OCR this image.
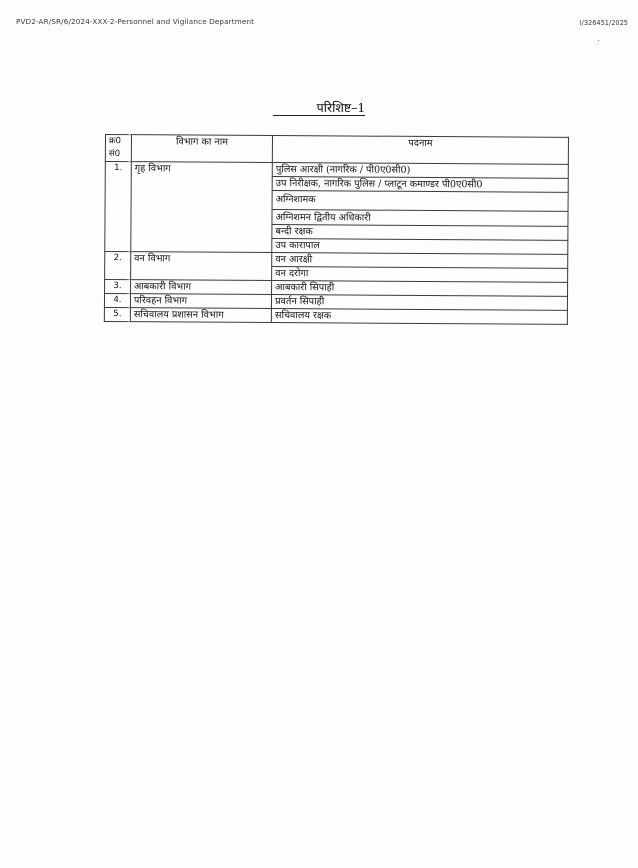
PVD2-AR/SR/6/2024-XXX-2-Personnel and Vigilance Department	I/326451/2025
परिशिष्ट–1
क्र0 सं0	विभाग का नाम	पदनाम
1.	गृह विभाग	पुलिस आरक्षी (नागरिक / पी0ए0सी0)
		उप निरीक्षक, नागरिक पुलिस / प्लाटून कमाण्डर पी0ए0सी0
		अग्निशामक
		अग्निशमन द्वितीय अधिकारी
		बन्दी रक्षक
		उप कारापाल
2.	वन विभाग	वन आरक्षी
		वन दरोगा
3.	आबकारी विभाग	आबकारी सिपाही
4.	परिवहन विभाग	प्रवर्तन सिपाही
5.	सचिवालय प्रशासन विभाग	सचिवालय रक्षक
